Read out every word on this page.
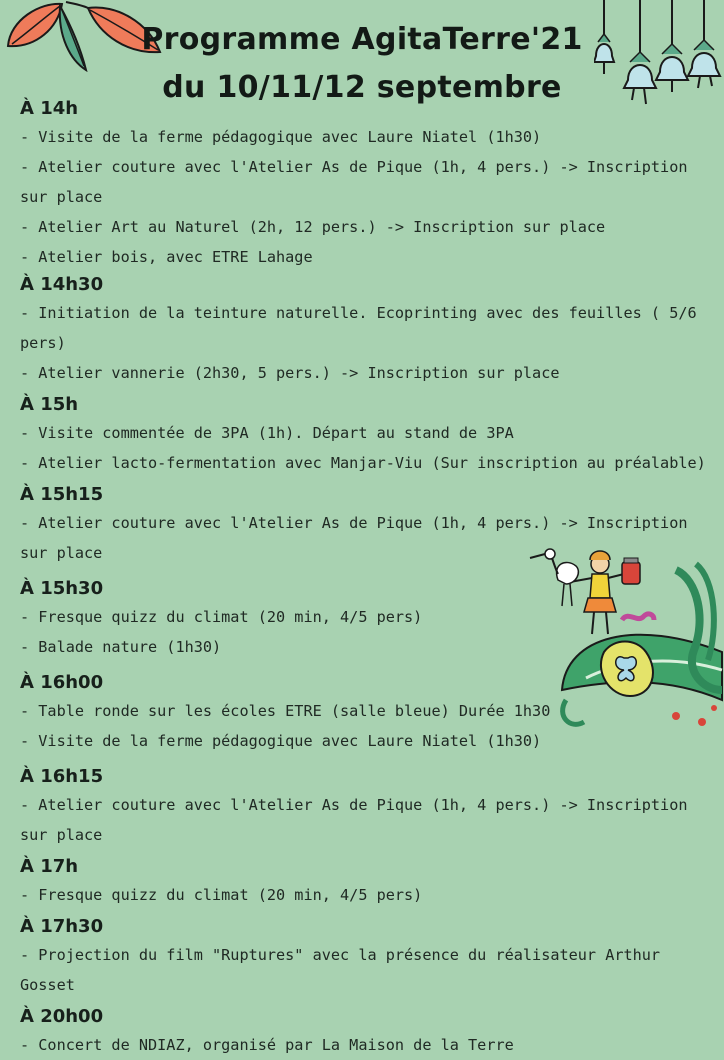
Programme AgitaTerre'21
du 10/11/12 septembre
À 14h
- Visite de la ferme pédagogique avec Laure Niatel (1h30)
- Atelier couture avec l'Atelier As de Pique (1h, 4 pers.) -> Inscription sur place
- Atelier Art au Naturel (2h, 12 pers.) -> Inscription sur place
- Atelier bois, avec ETRE Lahage
À 14h30
- Initiation de la teinture naturelle. Ecoprinting avec des feuilles ( 5/6 pers)
- Atelier vannerie (2h30, 5 pers.) -> Inscription sur place
À 15h
- Visite commentée de 3PA (1h). Départ au stand de 3PA
- Atelier lacto-fermentation avec Manjar-Viu (Sur inscription au préalable)
À 15h15
- Atelier couture avec l'Atelier As de Pique (1h, 4 pers.) -> Inscription sur place
À 15h30
- Fresque quizz du climat (20 min, 4/5 pers)
- Balade nature (1h30)
À 16h00
- Table ronde sur les écoles ETRE (salle bleue) Durée 1h30
- Visite de la ferme pédagogique avec Laure Niatel (1h30)
À 16h15
- Atelier couture avec l'Atelier As de Pique (1h, 4 pers.) -> Inscription sur place
À 17h
- Fresque quizz du climat (20 min, 4/5 pers)
À 17h30
- Projection du film "Ruptures" avec la présence du réalisateur Arthur Gosset
À 20h00
- Concert de NDIAZ, organisé par La Maison de la Terre
